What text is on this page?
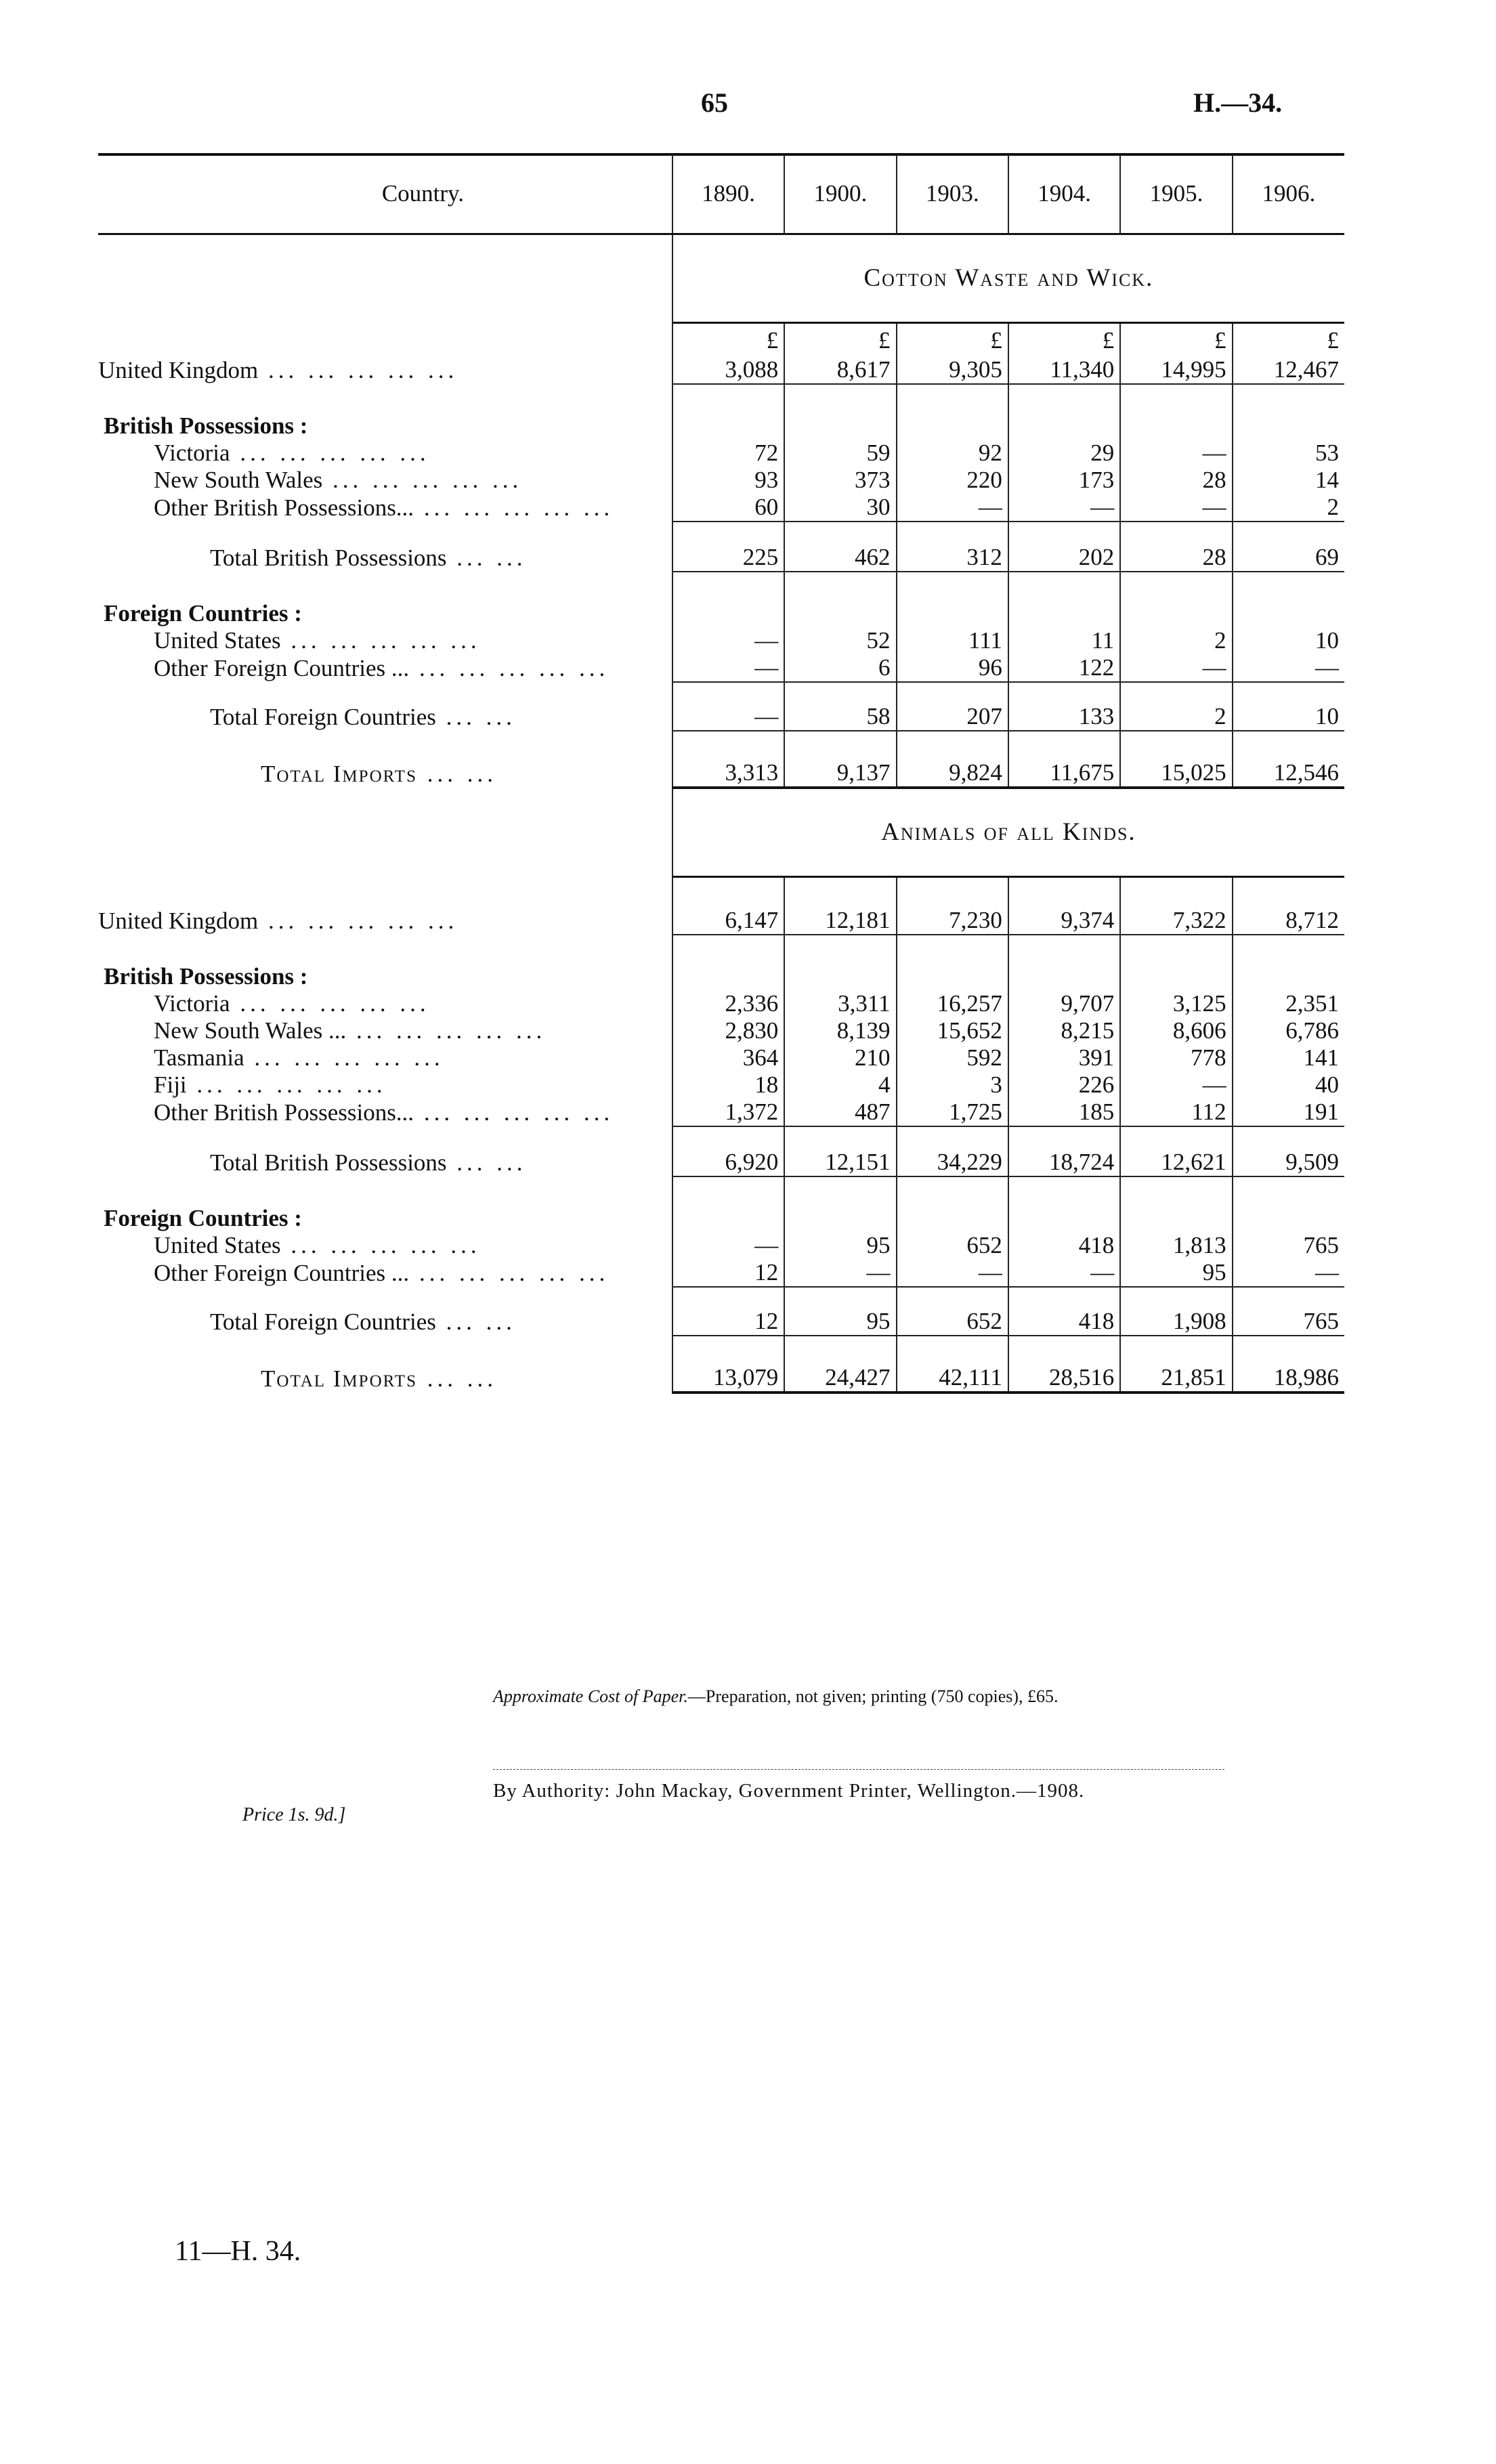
65	H.—34.
Country.	1890.	1900.	1903.	1904.	1905.	1906.
	Cotton Waste and Wick.					
	£	£	£	£	£	£
United Kingdom ... ... ... ... ...	3,088	8,617	9,305	11,340	14,995	12,467
British Possessions :						
Victoria ... ... ... ... ...	72	59	92	29	—	53
New South Wales ... ... ... ... ...	93	373	220	173	28	14
Other British Possessions... ... ... ... ... ...	60	30	—	—	—	2
Total British Possessions ... ...	225	462	312	202	28	69
Foreign Countries :						
United States ... ... ... ... ...	—	52	111	11	2	10
Other Foreign Countries ... ... ... ... ... ...	—	6	96	122	—	—
Total Foreign Countries ... ...	—	58	207	133	2	10
Total Imports ... ...	3,313	9,137	9,824	11,675	15,025	12,546
	Animals of all Kinds.					
United Kingdom ... ... ... ... ...	6,147	12,181	7,230	9,374	7,322	8,712
British Possessions :						
Victoria ... ... ... ... ...	2,336	3,311	16,257	9,707	3,125	2,351
New South Wales ... ... ... ... ... ...	2,830	8,139	15,652	8,215	8,606	6,786
Tasmania ... ... ... ... ...	364	210	592	391	778	141
Fiji ... ... ... ... ...	18	4	3	226	—	40
Other British Possessions... ... ... ... ... ...	1,372	487	1,725	185	112	191
Total British Possessions ... ...	6,920	12,151	34,229	18,724	12,621	9,509
Foreign Countries :						
United States ... ... ... ... ...	—	95	652	418	1,813	765
Other Foreign Countries ... ... ... ... ... ...	12	—	—	—	95	—
Total Foreign Countries ... ...	12	95	652	418	1,908	765
Total Imports ... ...	13,079	24,427	42,111	28,516	21,851	18,986
Approximate Cost of Paper.—Preparation, not given; printing (750 copies), £65.
By Authority: John Mackay, Government Printer, Wellington.—1908.
Price 1s. 9d.]
11—H. 34.
